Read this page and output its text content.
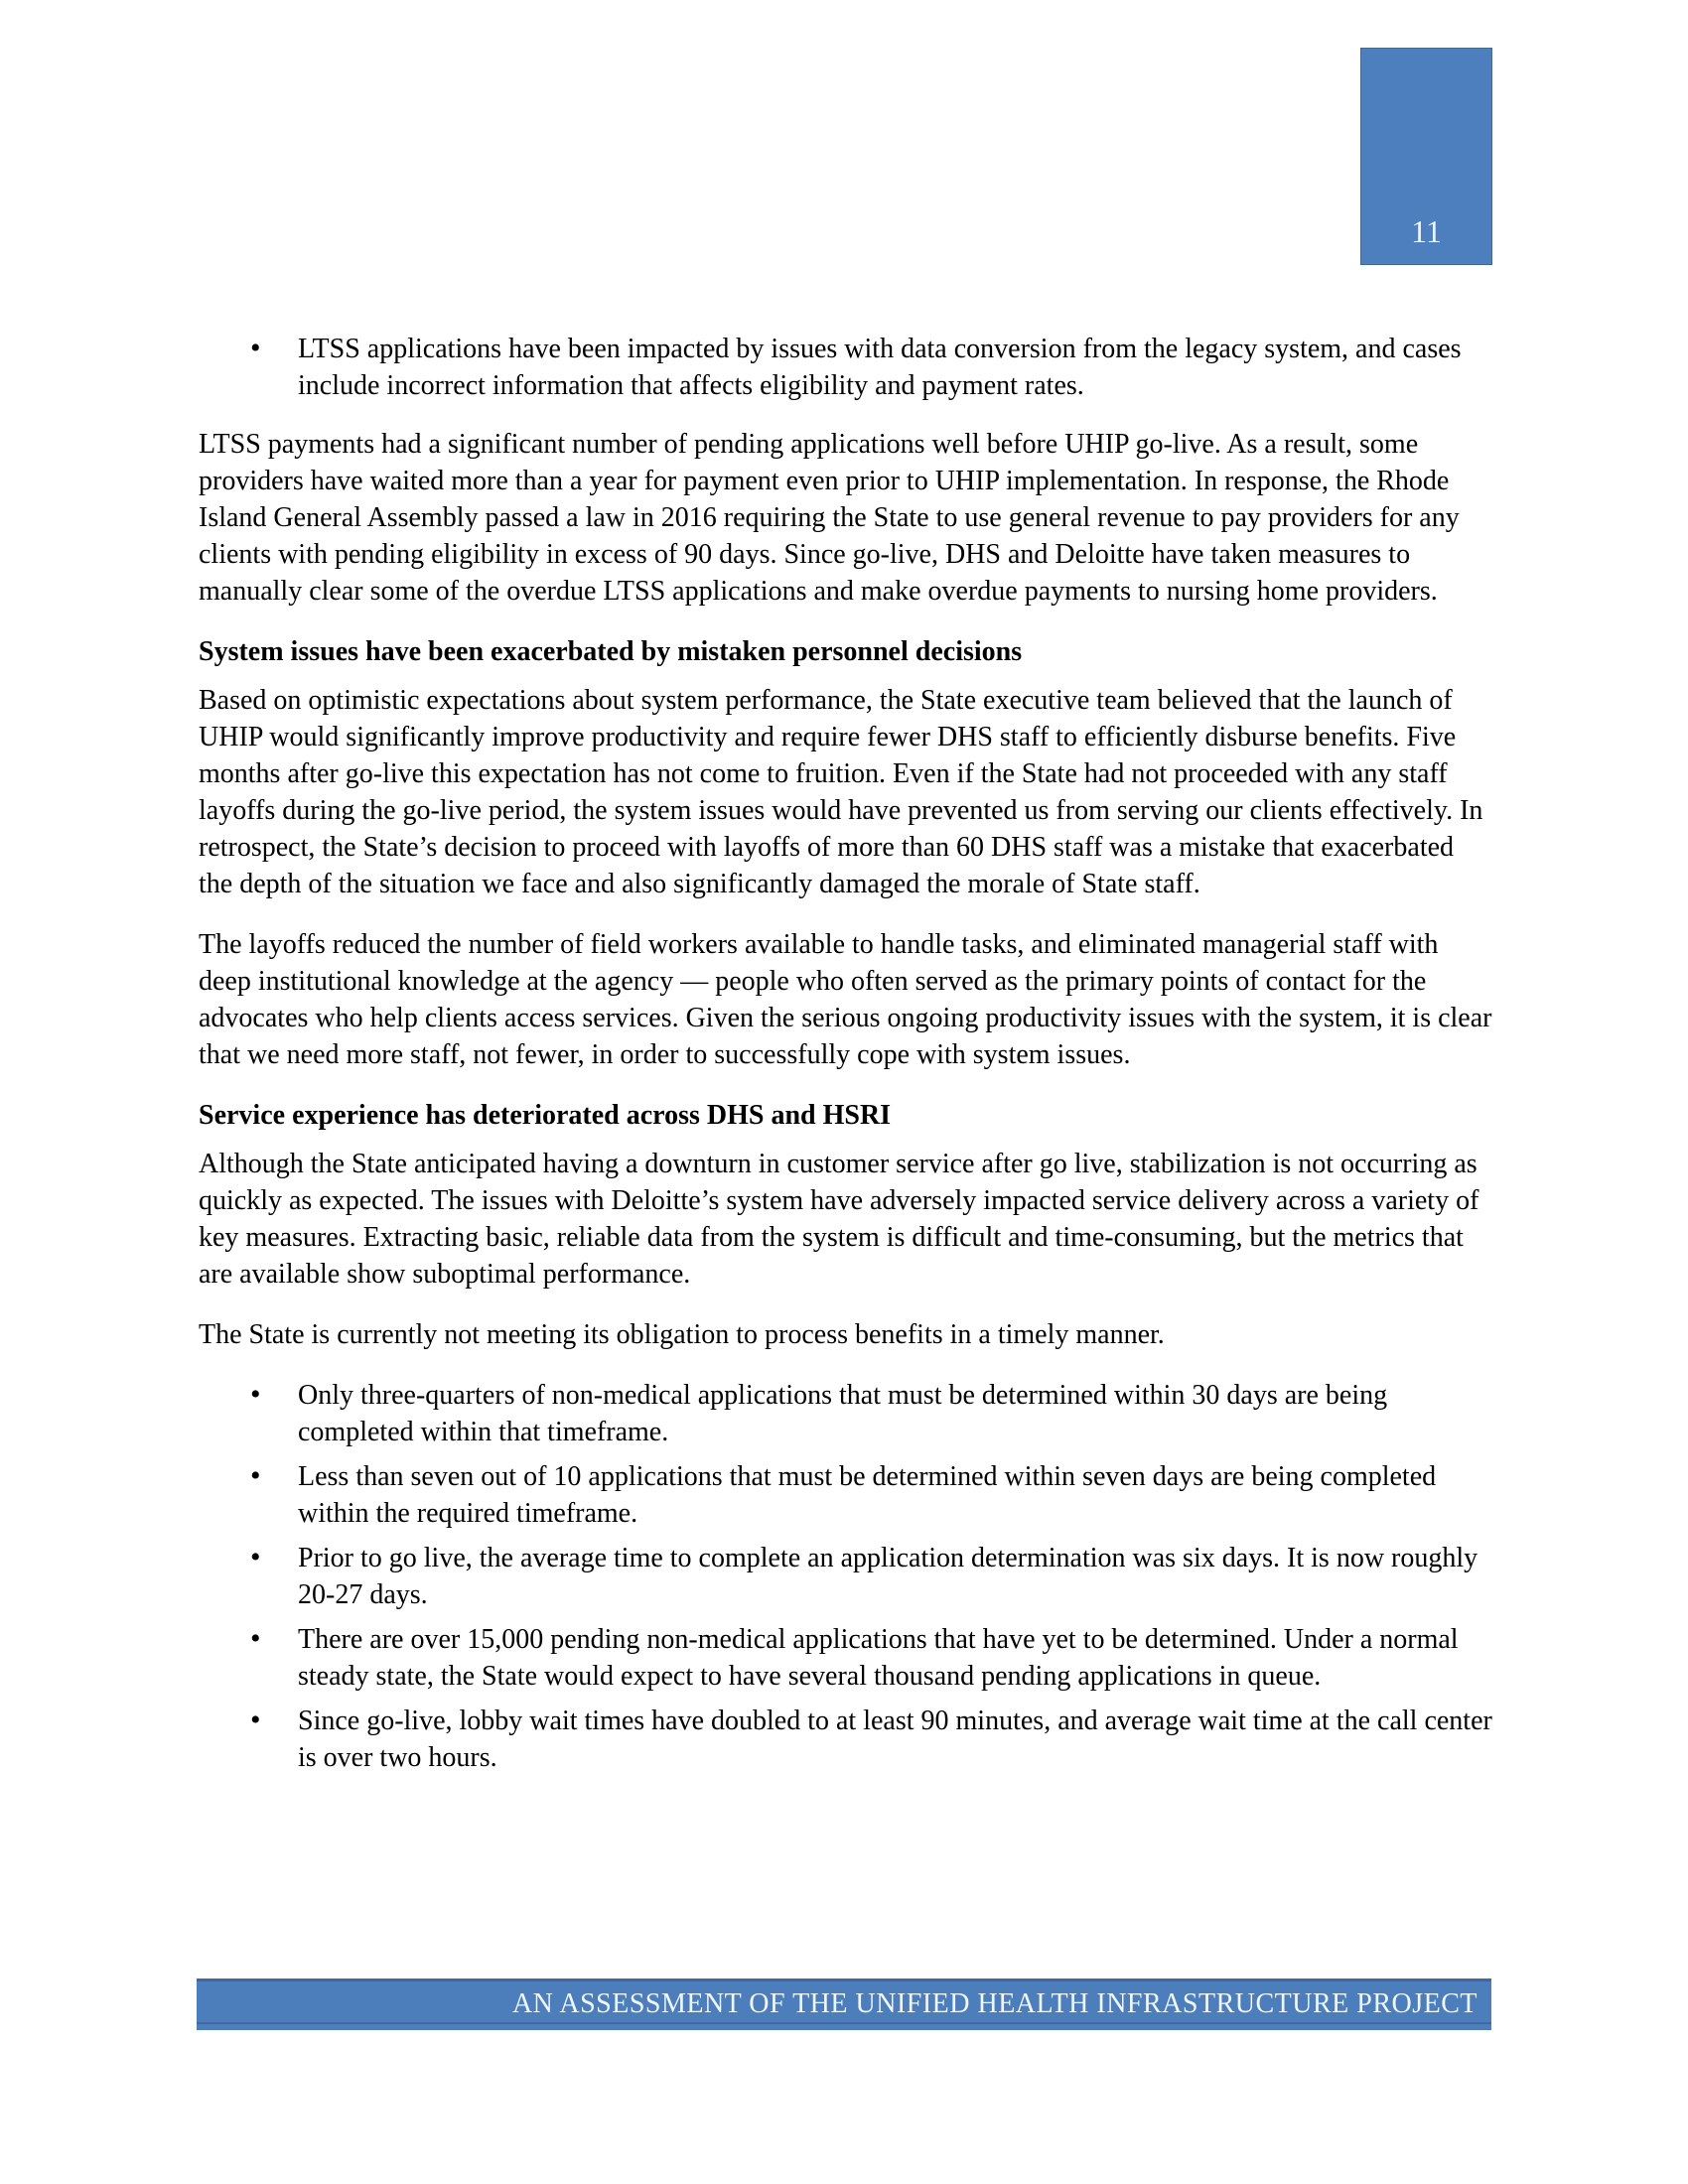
11
• LTSS applications have been impacted by issues with data conversion from the legacy system, and cases include incorrect information that affects eligibility and payment rates.

LTSS payments had a significant number of pending applications well before UHIP go-live. As a result, some providers have waited more than a year for payment even prior to UHIP implementation. In response, the Rhode Island General Assembly passed a law in 2016 requiring the State to use general revenue to pay providers for any clients with pending eligibility in excess of 90 days. Since go-live, DHS and Deloitte have taken measures to manually clear some of the overdue LTSS applications and make overdue payments to nursing home providers.

System issues have been exacerbated by mistaken personnel decisions

Based on optimistic expectations about system performance, the State executive team believed that the launch of UHIP would significantly improve productivity and require fewer DHS staff to efficiently disburse benefits. Five months after go-live this expectation has not come to fruition. Even if the State had not proceeded with any staff layoffs during the go-live period, the system issues would have prevented us from serving our clients effectively. In retrospect, the State’s decision to proceed with layoffs of more than 60 DHS staff was a mistake that exacerbated the depth of the situation we face and also significantly damaged the morale of State staff.

The layoffs reduced the number of field workers available to handle tasks, and eliminated managerial staff with deep institutional knowledge at the agency — people who often served as the primary points of contact for the advocates who help clients access services. Given the serious ongoing productivity issues with the system, it is clear that we need more staff, not fewer, in order to successfully cope with system issues.

Service experience has deteriorated across DHS and HSRI

Although the State anticipated having a downturn in customer service after go live, stabilization is not occurring as quickly as expected. The issues with Deloitte’s system have adversely impacted service delivery across a variety of key measures. Extracting basic, reliable data from the system is difficult and time-consuming, but the metrics that are available show suboptimal performance.

The State is currently not meeting its obligation to process benefits in a timely manner.

• Only three-quarters of non-medical applications that must be determined within 30 days are being completed within that timeframe.
• Less than seven out of 10 applications that must be determined within seven days are being completed within the required timeframe.
• Prior to go live, the average time to complete an application determination was six days. It is now roughly 20-27 days.
• There are over 15,000 pending non-medical applications that have yet to be determined. Under a normal steady state, the State would expect to have several thousand pending applications in queue.
• Since go-live, lobby wait times have doubled to at least 90 minutes, and average wait time at the call center is over two hours.
AN ASSESSMENT OF THE UNIFIED HEALTH INFRASTRUCTURE PROJECT
